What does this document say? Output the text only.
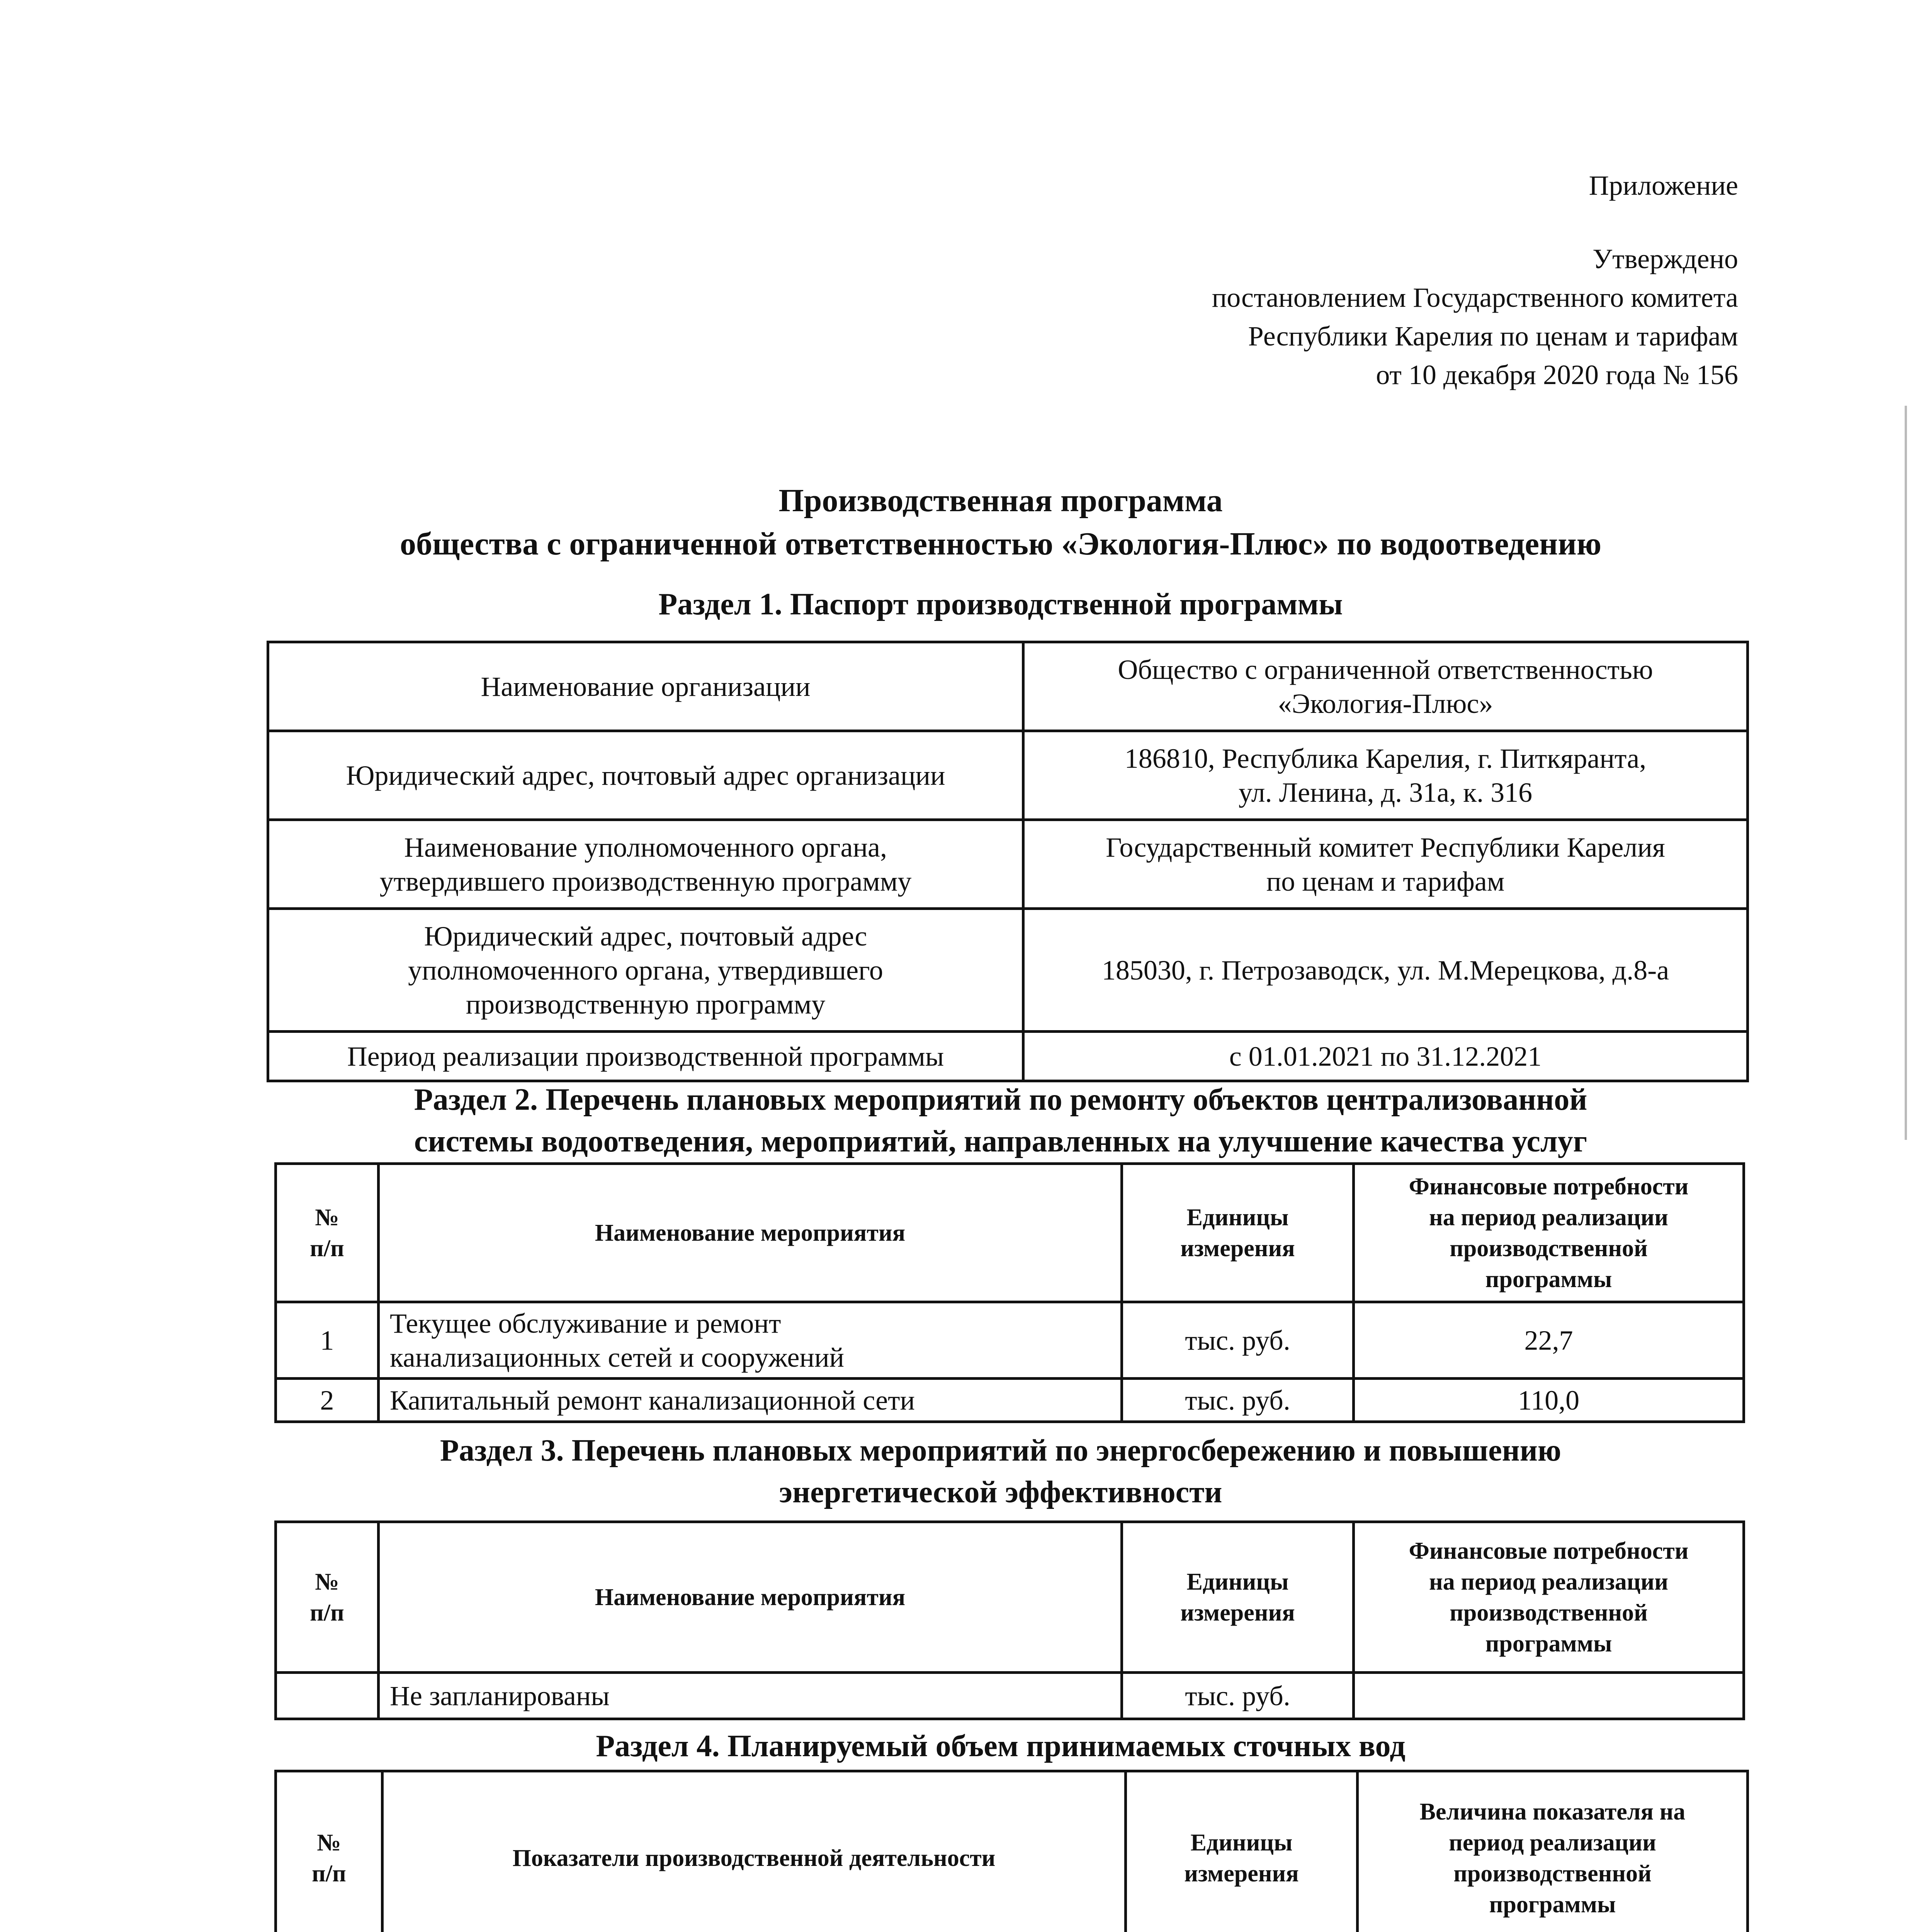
Приложение
Утверждено
постановлением Государственного комитета
Республики Карелия по ценам и тарифам
от 10 декабря 2020 года № 156
Производственная программа
общества с ограниченной ответственностью «Экология-Плюс» по водоотведению
Раздел 1. Паспорт производственной программы
Наименование организации	Общество с ограниченной ответственностью
«Экология-Плюс»

Юридический адрес, почтовый адрес организации	186810, Республика Карелия, г. Питкяранта,
ул. Ленина, д. 31а, к. 316

Наименование уполномоченного органа,
утвердившего производственную программу	Государственный комитет Республики Карелия
по ценам и тарифам

Юридический адрес, почтовый адрес
уполномоченного органа, утвердившего
производственную программу	185030, г. Петрозаводск, ул. М.Мерецкова, д.8-а

Период реализации производственной программы	с 01.01.2021 по 31.12.2021
Раздел 2. Перечень плановых мероприятий по ремонту объектов централизованной
системы водоотведения, мероприятий, направленных на улучшение качества услуг
№
п/п	Наименование мероприятия	Единицы
измерения	Финансовые потребности
на период реализации
производственной
программы

1	Текущее обслуживание и ремонт
канализационных сетей и сооружений	тыс. руб.	22,7
2	Капитальный ремонт канализационной сети	тыс. руб.	110,0
Раздел 3. Перечень плановых мероприятий по энергосбережению и повышению
энергетической эффективности
№
п/п	Наименование мероприятия	Единицы
измерения	Финансовые потребности
на период реализации
производственной
программы

	Не запланированы	тыс. руб.	
Раздел 4. Планируемый объем принимаемых сточных вод
№
п/п	Показатели производственной деятельности	Единицы
измерения	Величина показателя на
период реализации
производственной
программы
